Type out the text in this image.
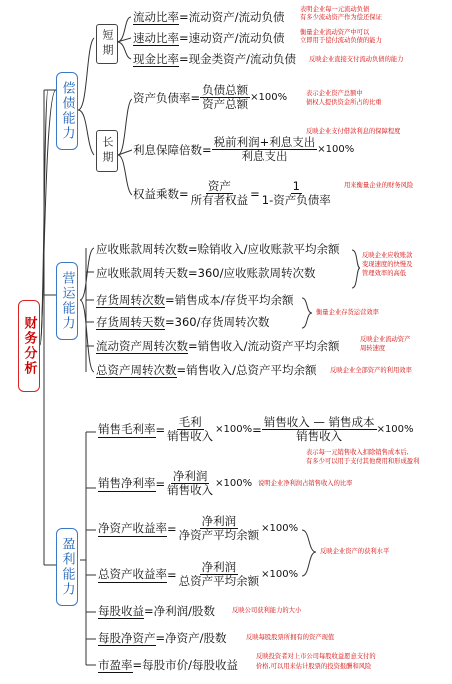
财务分析
偿债能力
营运能力
盈利能力
短期
长期
流动比率=流动资产/流动负债
表明企业每一元流动负债
有多少流动资产作为偿还保证
速动比率=速动资产/流动负债 衡量企业流动资产中可以
立即用于偿付流动负债的能力
现金比率=现金类资产/流动负债 反映企业直接支付流动负债的能力
资产负债率 = $\frac{\text{负债总额}}{\text{资产总额}} \times 100\%$	表示企业资产总额中
债权人提供资金所占的比重
利息保障倍数 = $\frac{\text{税前利润+利息支出}}{\text{利息支出}} \times 100\%$
反映企业支付借款利息的保障程度
权益乘数 = $\frac{\text{资产}}{\text{所有者权益}} = \frac{1}{\text{1-资产负债率}}$ 用来衡量企业的财务风险
应收账款周转次数=赊销收入/应收账款平均余额
应收账款周转天数=360/应收账款周转次数
反映企业应收账款
变现速度的快慢及
管理效率的高低
存货周转次数=销售成本/存货平均余额
存货周转天数=360/存货周转次数
衡量企业存货运营效率
流动资产周转次数=销售收入/流动资产平均余额	反映企业流动资产
周转速度
总资产周转次数=销售收入/总资产平均余额 反映企业全部资产的利用效率
销售毛利率 = $\frac{\text{毛利}}{\text{销售收入}} \times 100\% = \frac{\text{销售收入 — 销售成本}}{\text{销售收入}} \times 100\%$
表示每一元销售收入扣除销售成本后,
有多少可以用于支付其他费用和形成盈利
销售净利率 = $\frac{\text{净利润}}{\text{销售收入}} \times 100\%$ 说明企业净利润占销售收入的比率
净资产收益率 = $\frac{\text{净利润}}{\text{净资产平均余额}} \times 100\%$
总资产收益率 = $\frac{\text{净利润}}{\text{总资产平均余额}} \times 100\%$
反映企业资产的获利水平
每股收益=净利润/股数	反映公司获利能力的大小
每股净资产=净资产/股数	反映每股股票所拥有的资产现值
市盈率=每股市价/每股收益
反映投资者对上市公司每股收益愿意支付的
价格,可以用来估计股票的投资报酬和风险
